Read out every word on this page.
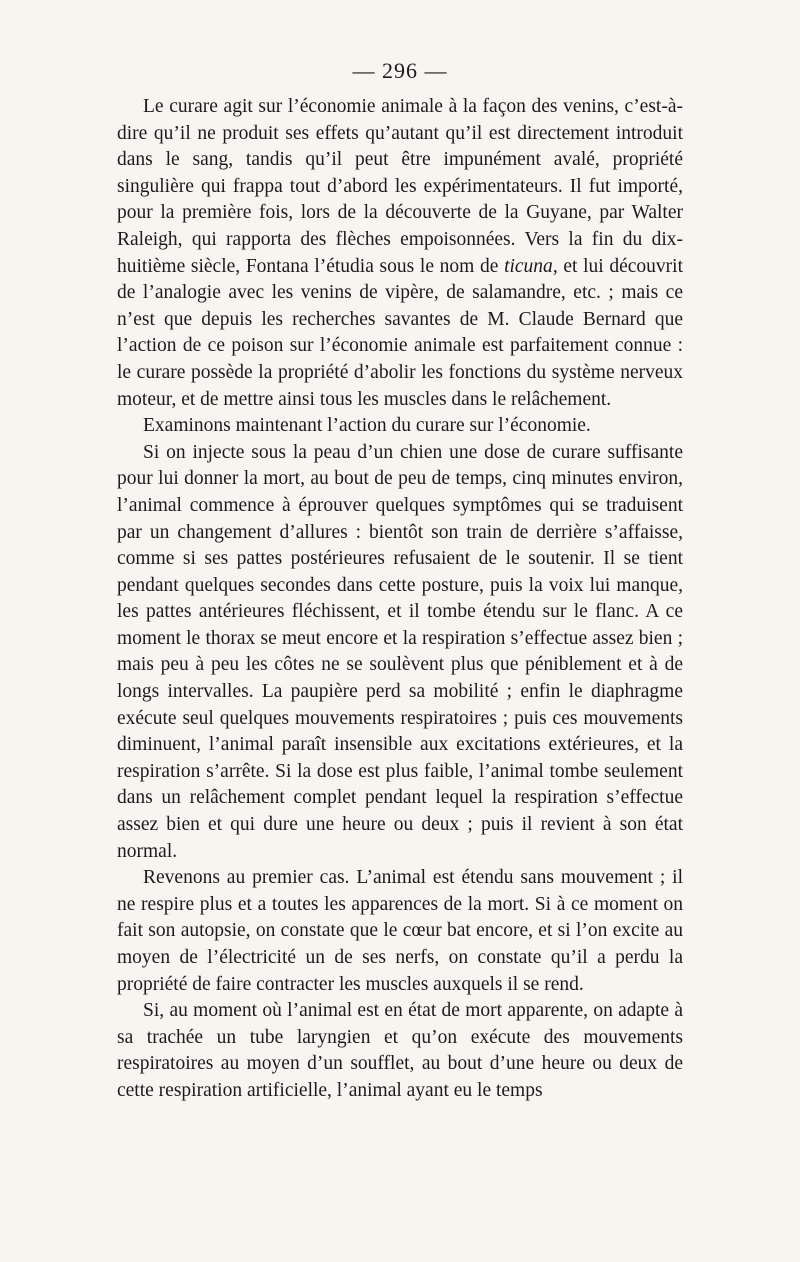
— 296 —

Le curare agit sur l’économie animale à la façon des venins, c’est-à-dire qu’il ne produit ses effets qu’autant qu’il est directement introduit dans le sang, tandis qu’il peut être impunément avalé, propriété singulière qui frappa tout d’abord les expérimentateurs. Il fut importé, pour la première fois, lors de la découverte de la Guyane, par Walter Raleigh, qui rapporta des flèches empoisonnées. Vers la fin du dix-huitième siècle, Fontana l’étudia sous le nom de ticuna, et lui découvrit de l’analogie avec les venins de vipère, de salamandre, etc. ; mais ce n’est que depuis les recherches savantes de M. Claude Bernard que l’action de ce poison sur l’économie animale est parfaitement connue : le curare possède la propriété d’abolir les fonctions du système nerveux moteur, et de mettre ainsi tous les muscles dans le relâchement.

Examinons maintenant l’action du curare sur l’économie.

Si on injecte sous la peau d’un chien une dose de curare suffisante pour lui donner la mort, au bout de peu de temps, cinq minutes environ, l’animal commence à éprouver quelques symptômes qui se traduisent par un changement d’allures : bientôt son train de derrière s’affaisse, comme si ses pattes postérieures refusaient de le soutenir. Il se tient pendant quelques secondes dans cette posture, puis la voix lui manque, les pattes antérieures fléchissent, et il tombe étendu sur le flanc. A ce moment le thorax se meut encore et la respiration s’effectue assez bien ; mais peu à peu les côtes ne se soulèvent plus que péniblement et à de longs intervalles. La paupière perd sa mobilité ; enfin le diaphragme exécute seul quelques mouvements respiratoires ; puis ces mouvements diminuent, l’animal paraît insensible aux excitations extérieures, et la respiration s’arrête. Si la dose est plus faible, l’animal tombe seulement dans un relâchement complet pendant lequel la respiration s’effectue assez bien et qui dure une heure ou deux ; puis il revient à son état normal.

Revenons au premier cas. L’animal est étendu sans mouvement ; il ne respire plus et a toutes les apparences de la mort. Si à ce moment on fait son autopsie, on constate que le cœur bat encore, et si l’on excite au moyen de l’électricité un de ses nerfs, on constate qu’il a perdu la propriété de faire contracter les muscles auxquels il se rend.

Si, au moment où l’animal est en état de mort apparente, on adapte à sa trachée un tube laryngien et qu’on exécute des mouvements respiratoires au moyen d’un soufflet, au bout d’une heure ou deux de cette respiration artificielle, l’animal ayant eu le temps
